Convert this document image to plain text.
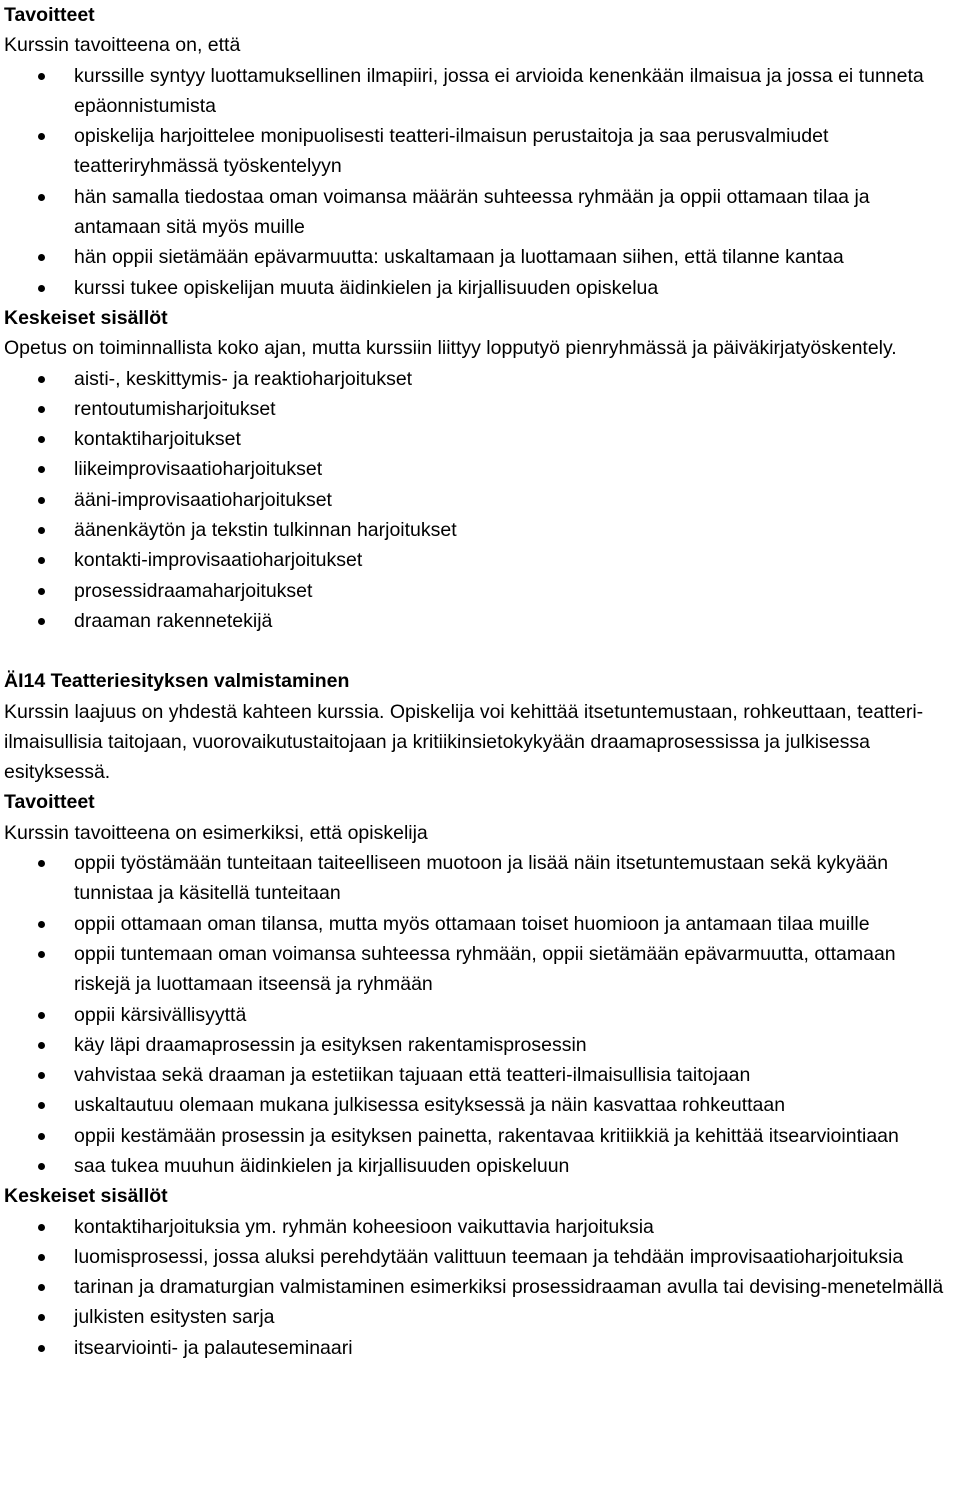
Tavoitteet

Kurssin tavoitteena on, että

kurssille syntyy luottamuksellinen ilmapiiri, jossa ei arvioida kenenkään ilmaisua ja jossa ei tunneta epäonnistumista
opiskelija harjoittelee monipuolisesti teatteri-ilmaisun perustaitoja ja saa perusvalmiudet teatteriryhmässä työskentelyyn
hän samalla tiedostaa oman voimansa määrän suhteessa ryhmään ja oppii ottamaan tilaa ja antamaan sitä myös muille
hän oppii sietämään epävarmuutta: uskaltamaan ja luottamaan siihen, että tilanne kantaa
kurssi tukee opiskelijan muuta äidinkielen ja kirjallisuuden opiskelua

Keskeiset sisällöt

Opetus on toiminnallista koko ajan, mutta kurssiin liittyy lopputyö pienryhmässä ja päiväkirjatyöskentely.

aisti-, keskittymis- ja reaktioharjoitukset
rentoutumisharjoitukset
kontaktiharjoitukset
liikeimprovisaatioharjoitukset
ääni-improvisaatioharjoitukset
äänenkäytön ja tekstin tulkinnan harjoitukset
kontakti-improvisaatioharjoitukset
prosessidraamaharjoitukset
draaman rakennetekijä

ÄI14 Teatteriesityksen valmistaminen

Kurssin laajuus on yhdestä kahteen kurssia. Opiskelija voi kehittää itsetuntemustaan, rohkeuttaan, teatteri-ilmaisullisia taitojaan, vuorovaikutustaitojaan ja kritiikinsietokykyään draamaprosessissa ja julkisessa esityksessä.

Tavoitteet

Kurssin tavoitteena on esimerkiksi, että opiskelija

oppii työstämään tunteitaan taiteelliseen muotoon ja lisää näin itsetuntemustaan sekä kykyään tunnistaa ja käsitellä tunteitaan
oppii ottamaan oman tilansa, mutta myös ottamaan toiset huomioon ja antamaan tilaa muille
oppii tuntemaan oman voimansa suhteessa ryhmään, oppii sietämään epävarmuutta, ottamaan riskejä ja luottamaan itseensä ja ryhmään
oppii kärsivällisyyttä
käy läpi draamaprosessin ja esityksen rakentamisprosessin
vahvistaa sekä draaman ja estetiikan tajuaan että teatteri-ilmaisullisia taitojaan
uskaltautuu olemaan mukana julkisessa esityksessä ja näin kasvattaa rohkeuttaan
oppii kestämään prosessin ja esityksen painetta, rakentavaa kritiikkiä ja kehittää itsearviointiaan
saa tukea muuhun äidinkielen ja kirjallisuuden opiskeluun

Keskeiset sisällöt

kontaktiharjoituksia ym. ryhmän koheesioon vaikuttavia harjoituksia
luomisprosessi, jossa aluksi perehdytään valittuun teemaan ja tehdään improvisaatioharjoituksia
tarinan ja dramaturgian valmistaminen esimerkiksi prosessidraaman avulla tai devising-menetelmällä
julkisten esitysten sarja
itsearviointi- ja palauteseminaari
